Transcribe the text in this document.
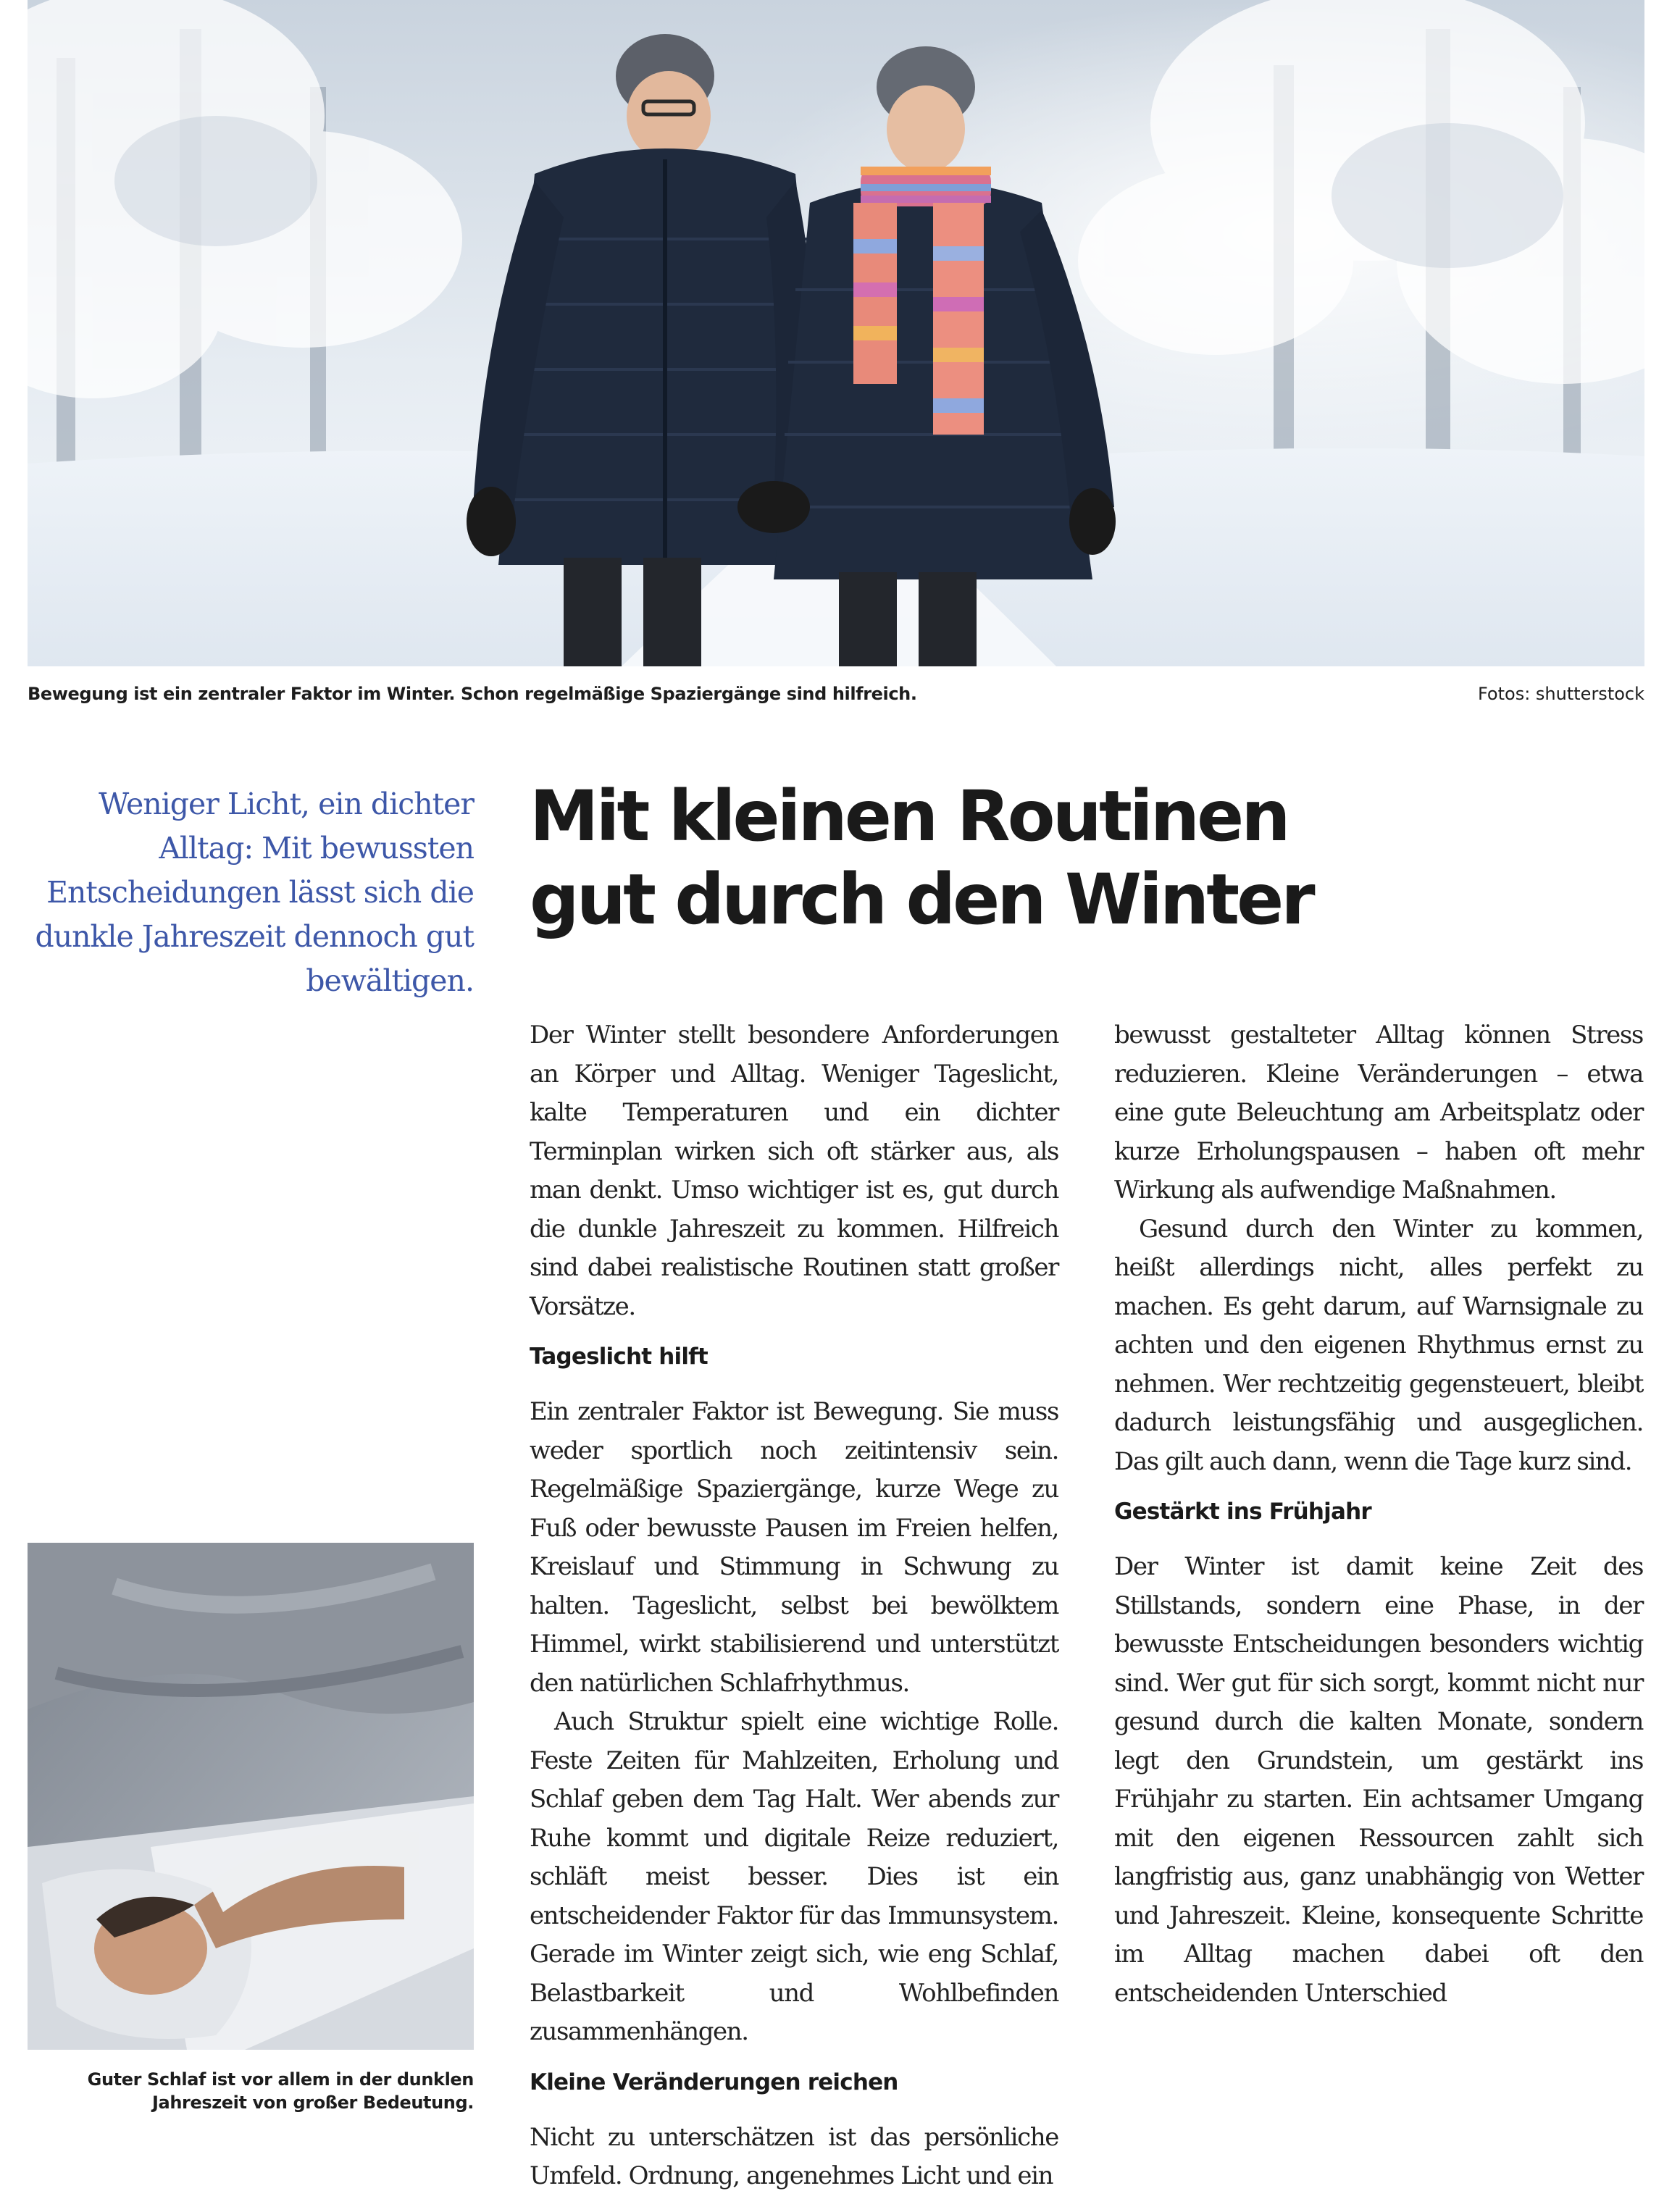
Bewegung ist ein zentraler Faktor im Winter. Schon regelmäßige Spaziergänge sind hilfreich.	Fotos: shutterstock
Weniger Licht, ein dichter Alltag: Mit bewussten Entscheidungen lässt sich die dunkle Jahreszeit dennoch gut bewältigen.
Mit kleinen Routinen
gut durch den Winter

Der Winter stellt besondere Anforderungen an Körper und Alltag. Weniger Tageslicht, kalte Temperaturen und ein dichter Terminplan wirken sich oft stärker aus, als man denkt. Umso wichtiger ist es, gut durch die dunkle Jahreszeit zu kommen. Hilfreich sind dabei realistische Routinen statt großer Vorsätze.

Tageslicht hilft

Ein zentraler Faktor ist Bewegung. Sie muss weder sportlich noch zeitintensiv sein. Regelmäßige Spaziergänge, kurze Wege zu Fuß oder bewusste Pausen im Freien helfen, Kreislauf und Stimmung in Schwung zu halten. Tageslicht, selbst bei bewölktem Himmel, wirkt stabilisierend und unterstützt den natürlichen Schlafrhythmus.

Auch Struktur spielt eine wichtige Rolle. Feste Zeiten für Mahlzeiten, Erholung und Schlaf geben dem Tag Halt. Wer abends zur Ruhe kommt und digitale Reize reduziert, schläft meist besser. Dies ist ein entscheidender Faktor für das Immunsystem. Gerade im Winter zeigt sich, wie eng Schlaf, Belastbarkeit und Wohlbefinden zusammenhängen.

Kleine Veränderungen reichen

Nicht zu unterschätzen ist das persönliche Umfeld. Ordnung, angenehmes Licht und ein

bewusst gestalteter Alltag können Stress reduzieren. Kleine Veränderungen – etwa eine gute Beleuchtung am Arbeitsplatz oder kurze Erholungspausen – haben oft mehr Wirkung als aufwendige Maßnahmen.

Gesund durch den Winter zu kommen, heißt allerdings nicht, alles perfekt zu machen. Es geht darum, auf Warnsignale zu achten und den eigenen Rhythmus ernst zu nehmen. Wer rechtzeitig gegensteuert, bleibt dadurch leistungsfähig und ausgeglichen. Das gilt auch dann, wenn die Tage kurz sind.

Gestärkt ins Frühjahr

Der Winter ist damit keine Zeit des Stillstands, sondern eine Phase, in der bewusste Entscheidungen besonders wichtig sind. Wer gut für sich sorgt, kommt nicht nur gesund durch die kalten Monate, sondern legt den Grundstein, um gestärkt ins Frühjahr zu starten. Ein achtsamer Umgang mit den eigenen Ressourcen zahlt sich langfristig aus, ganz unabhängig von Wetter und Jahreszeit. Kleine, konsequente Schritte im Alltag machen dabei oft den entscheidenden Unterschied

Guter Schlaf ist vor allem in der dunklen
Jahreszeit von großer Bedeutung.
